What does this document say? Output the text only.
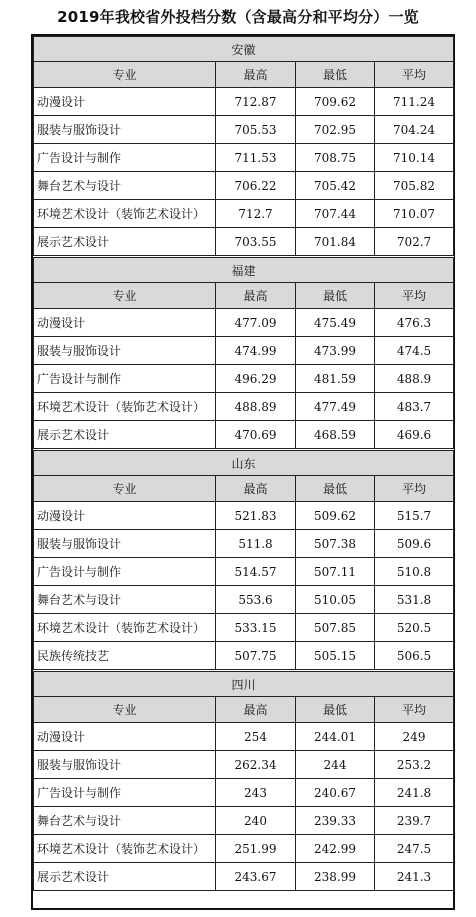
2019年我校省外投档分数（含最高分和平均分）一览
安徽			
专业	最高	最低	平均
动漫设计	712.87	709.62	711.24
服装与服饰设计	705.53	702.95	704.24
广告设计与制作	711.53	708.75	710.14
舞台艺术与设计	706.22	705.42	705.82
环境艺术设计（装饰艺术设计）	712.7	707.44	710.07
展示艺术设计	703.55	701.84	702.7

福建			
专业	最高	最低	平均
动漫设计	477.09	475.49	476.3
服装与服饰设计	474.99	473.99	474.5
广告设计与制作	496.29	481.59	488.9
环境艺术设计（装饰艺术设计）	488.89	477.49	483.7
展示艺术设计	470.69	468.59	469.6

山东			
专业	最高	最低	平均
动漫设计	521.83	509.62	515.7
服装与服饰设计	511.8	507.38	509.6
广告设计与制作	514.57	507.11	510.8
舞台艺术与设计	553.6	510.05	531.8
环境艺术设计（装饰艺术设计）	533.15	507.85	520.5
民族传统技艺	507.75	505.15	506.5

四川			
专业	最高	最低	平均
动漫设计	254	244.01	249
服装与服饰设计	262.34	244	253.2
广告设计与制作	243	240.67	241.8
舞台艺术与设计	240	239.33	239.7
环境艺术设计（装饰艺术设计）	251.99	242.99	247.5
展示艺术设计	243.67	238.99	241.3
